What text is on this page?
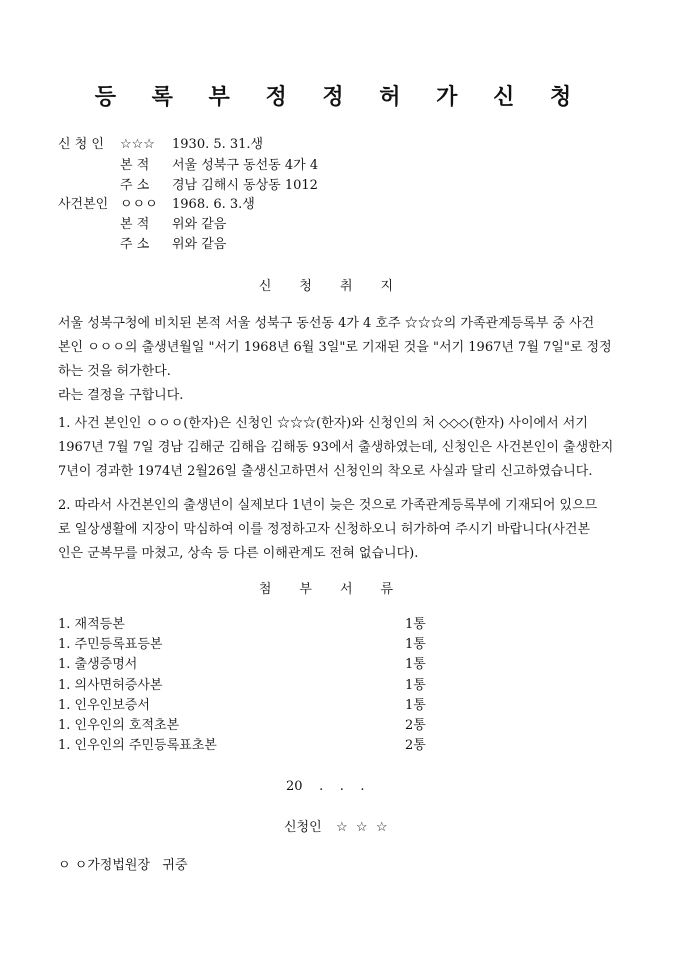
등 록 부 정 정 허 가 신 청
신 청 인 ☆☆☆ 1930. 5. 31.생
본 적 서울 성북구 동선동 4가 4
주 소 경남 김해시 동상동 1012
사건본인 ㅇㅇㅇ 1968. 6. 3.생
본 적 위와 같음
주 소 위와 같음
신청취지
서울 성북구청에 비치된 본적 서울 성북구 동선동 4가 4 호주 ☆☆☆의 가족관계등록부 중 사건
본인 ㅇㅇㅇ의 출생년월일 "서기 1968년 6월 3일"로 기재된 것을 "서기 1967년 7월 7일"로 정정
하는 것을 허가한다.
라는 결정을 구합니다.
1. 사건 본인인 ㅇㅇㅇ(한자)은 신청인 ☆☆☆(한자)와 신청인의 처 ◇◇◇(한자) 사이에서 서기
1967년 7월 7일 경남 김해군 김해읍 김해동 93에서 출생하였는데, 신청인은 사건본인이 출생한지
7년이 경과한 1974년 2월26일 출생신고하면서 신청인의 착오로 사실과 달리 신고하였습니다.
2. 따라서 사건본인의 출생년이 실제보다 1년이 늦은 것으로 가족관계등록부에 기재되어 있으므
로 일상생활에 지장이 막심하여 이를 정정하고자 신청하오니 허가하여 주시기 바랍니다(사건본
인은 군복무를 마쳤고, 상속 등 다른 이해관계도 전혀 없습니다).
첨부서류
1. 재적등본	1통
1. 주민등록표등본	1통
1. 출생증명서	1통
1. 의사면허증사본	1통
1. 인우인보증서	1통
1. 인우인의 호적초본	2통
1. 인우인의 주민등록표초본	2통
20    .    .    .
신청인 ☆  ☆  ☆
ㅇ ㅇ가정법원장   귀중
